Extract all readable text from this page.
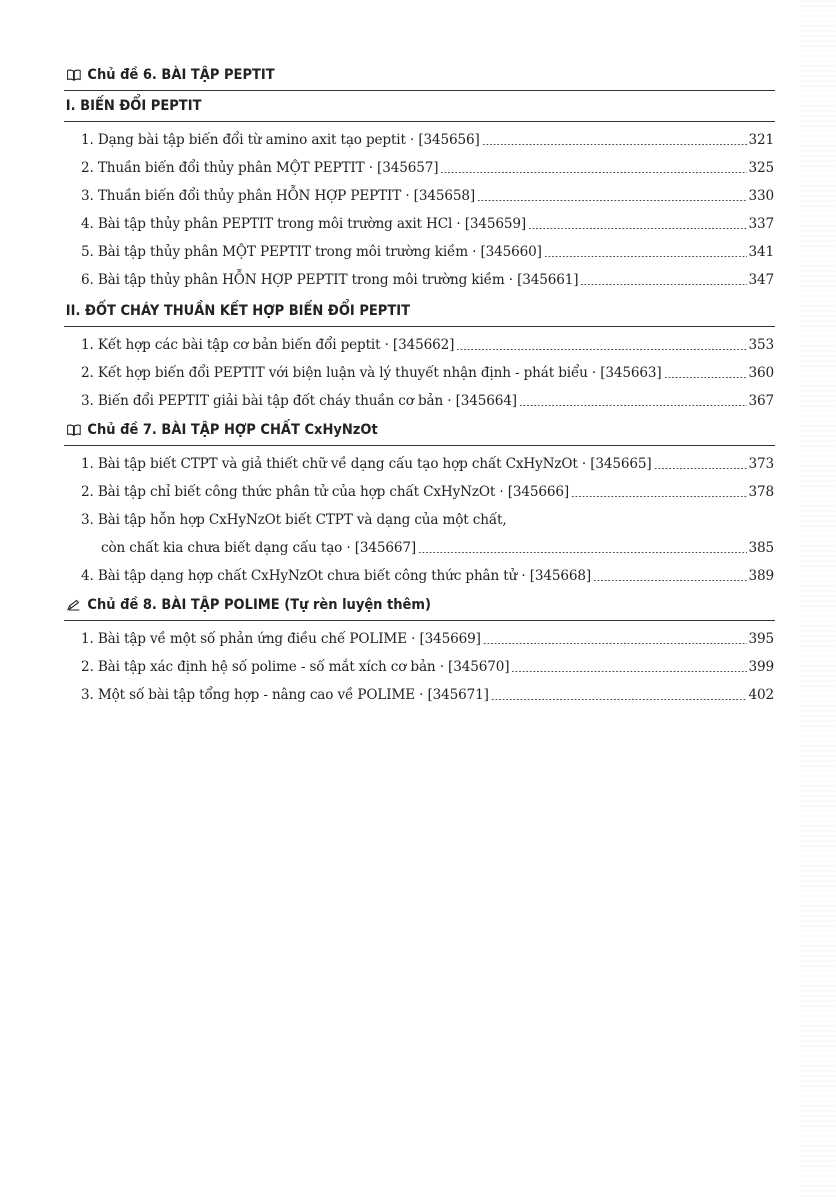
Chủ đề 6. BÀI TẬP PEPTIT
I. BIẾN ĐỔI PEPTIT
1. Dạng bài tập biến đổi từ amino axit tạo peptit · [345656]	321
2. Thuần biến đổi thủy phân MỘT PEPTIT · [345657]	325
3. Thuần biến đổi thủy phân HỖN HỢP PEPTIT · [345658]	330
4. Bài tập thủy phân PEPTIT trong môi trường axit HCl · [345659]	337
5. Bài tập thủy phân MỘT PEPTIT trong môi trường kiềm · [345660]	341
6. Bài tập thủy phân HỖN HỢP PEPTIT trong môi trường kiềm · [345661]	347
II. ĐỐT CHÁY THUẦN KẾT HỢP BIẾN ĐỔI PEPTIT
1. Kết hợp các bài tập cơ bản biến đổi peptit · [345662]	353
2. Kết hợp biến đổi PEPTIT với biện luận và lý thuyết nhận định - phát biểu · [345663]	360
3. Biến đổi PEPTIT giải bài tập đốt cháy thuần cơ bản · [345664]	367
Chủ đề 7. BÀI TẬP HỢP CHẤT CxHyNzOt
1. Bài tập biết CTPT và giả thiết chữ về dạng cấu tạo hợp chất CxHyNzOt · [345665]	373
2. Bài tập chỉ biết công thức phân tử của hợp chất CxHyNzOt · [345666]	378
3. Bài tập hỗn hợp CxHyNzOt biết CTPT và dạng của một chất,
còn chất kia chưa biết dạng cấu tạo · [345667]	385
4. Bài tập dạng hợp chất CxHyNzOt chưa biết công thức phân tử · [345668]	389
Chủ đề 8. BÀI TẬP POLIME (Tự rèn luyện thêm)
1. Bài tập về một số phản ứng điều chế POLIME · [345669]	395
2. Bài tập xác định hệ số polime - số mắt xích cơ bản · [345670]	399
3. Một số bài tập tổng hợp - nâng cao về POLIME · [345671]	402
